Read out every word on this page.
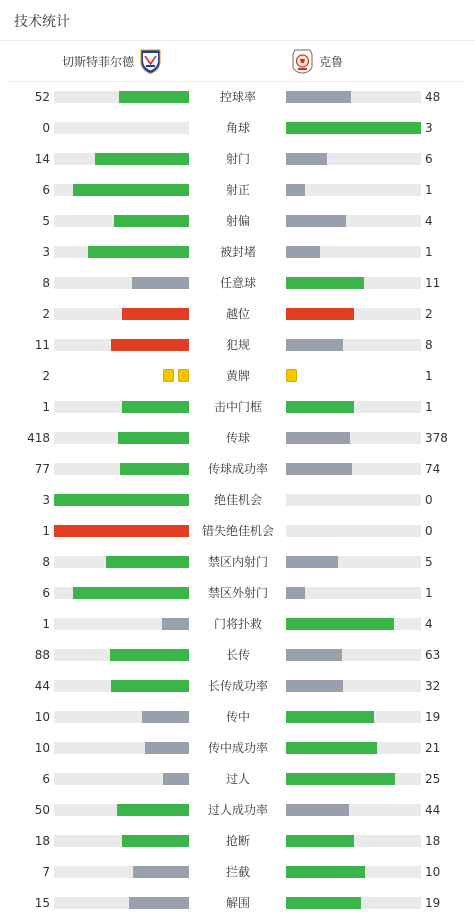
技术统计
切斯特菲尔德	克鲁
52	控球率	48
0	角球	3
14	射门	6
6	射正	1
5	射偏	4
3	被封堵	1
8	任意球	11
2	越位	2
11	犯规	8
2	黄牌	1
1	击中门框	1
418	传球	378
77	传球成功率	74
3	绝佳机会	0
1	错失绝佳机会	0
8	禁区内射门	5
6	禁区外射门	1
1	门将扑救	4
88	长传	63
44	长传成功率	32
10	传中	19
10	传中成功率	21
6	过人	25
50	过人成功率	44
18	抢断	18
7	拦截	10
15	解围	19
